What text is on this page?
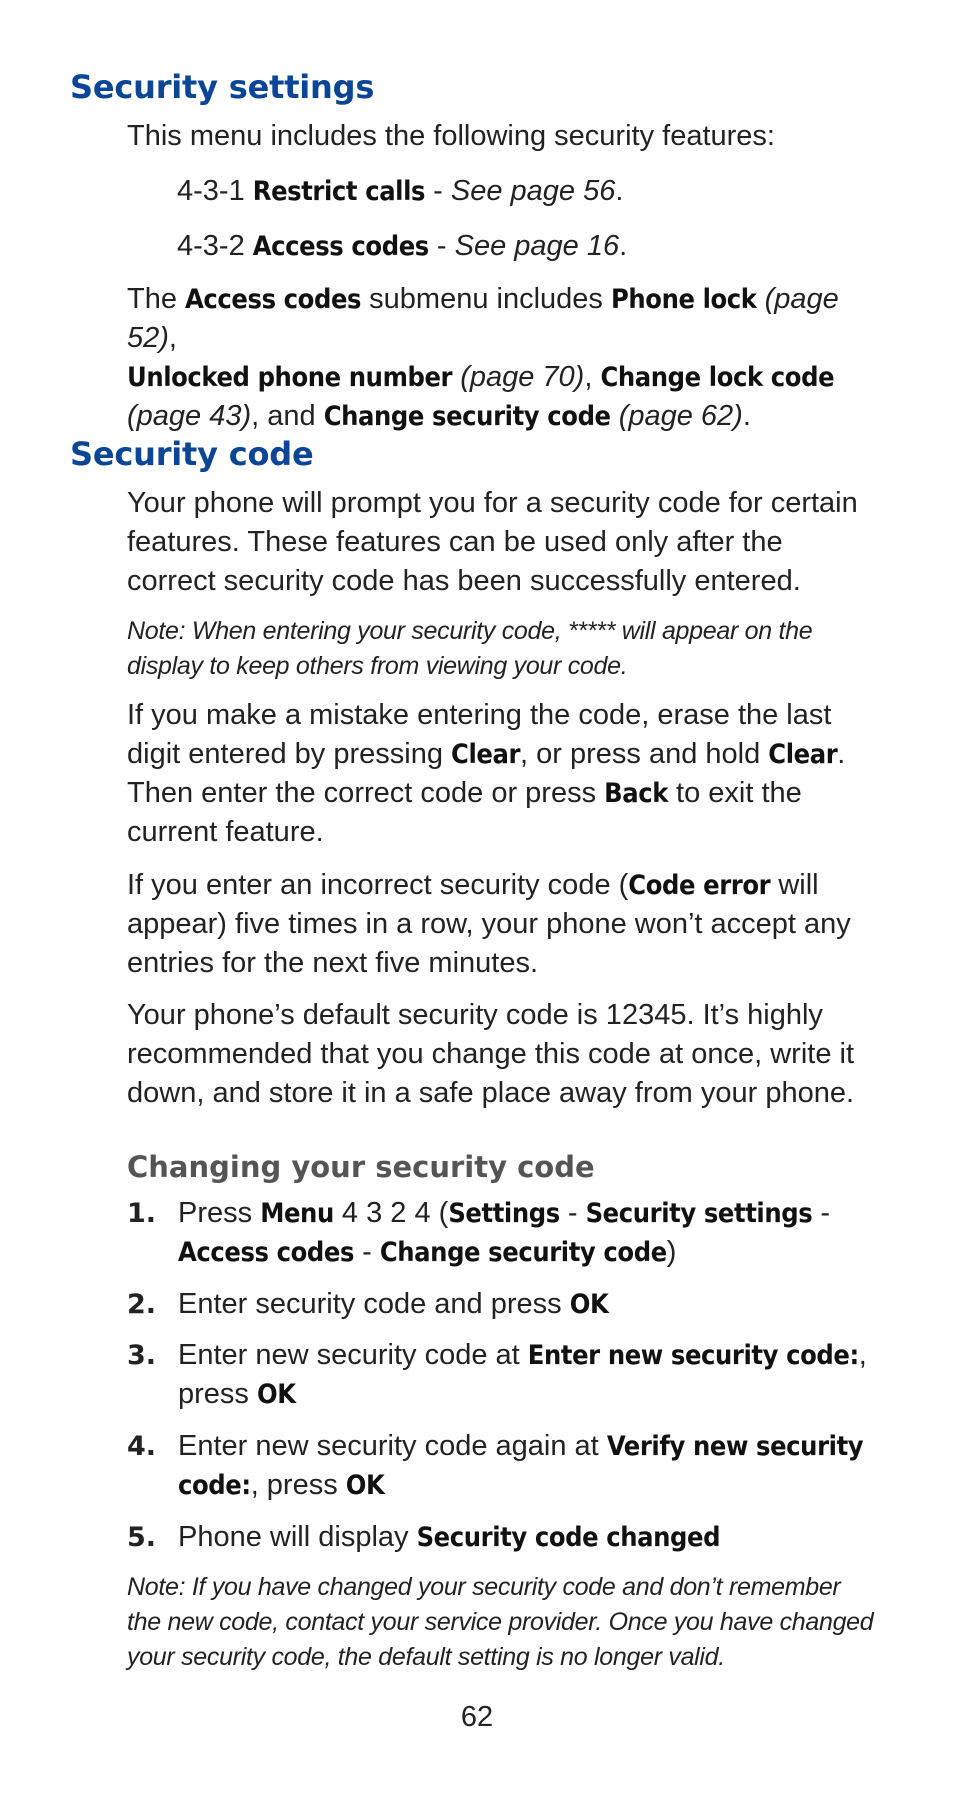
Security settings

This menu includes the following security features:

4-3-1 Restrict calls - See page 56.

4-3-2 Access codes - See page 16.

The Access codes submenu includes Phone lock (page 52),
Unlocked phone number (page 70), Change lock code
(page 43), and Change security code (page 62).

Security code

Your phone will prompt you for a security code for certain features. These features can be used only after the correct security code has been successfully entered.

Note: When entering your security code, ***** will appear on the display to keep others from viewing your code.

If you make a mistake entering the code, erase the last digit entered by pressing Clear, or press and hold Clear. Then enter the correct code or press Back to exit the current feature.

If you enter an incorrect security code (Code error will appear) five times in a row, your phone won’t accept any entries for the next five minutes.

Your phone’s default security code is 12345. It’s highly recommended that you change this code at once, write it down, and store it in a safe place away from your phone.

Changing your security code
1. Press Menu 4 3 2 4 (Settings - Security settings -
Access codes - Change security code)
2. Enter security code and press OK
3. Enter new security code at Enter new security code:, press OK
4. Enter new security code again at Verify new security code:, press OK
5. Phone will display Security code changed

Note: If you have changed your security code and don’t remember the new code, contact your service provider. Once you have changed your security code, the default setting is no longer valid.

62
